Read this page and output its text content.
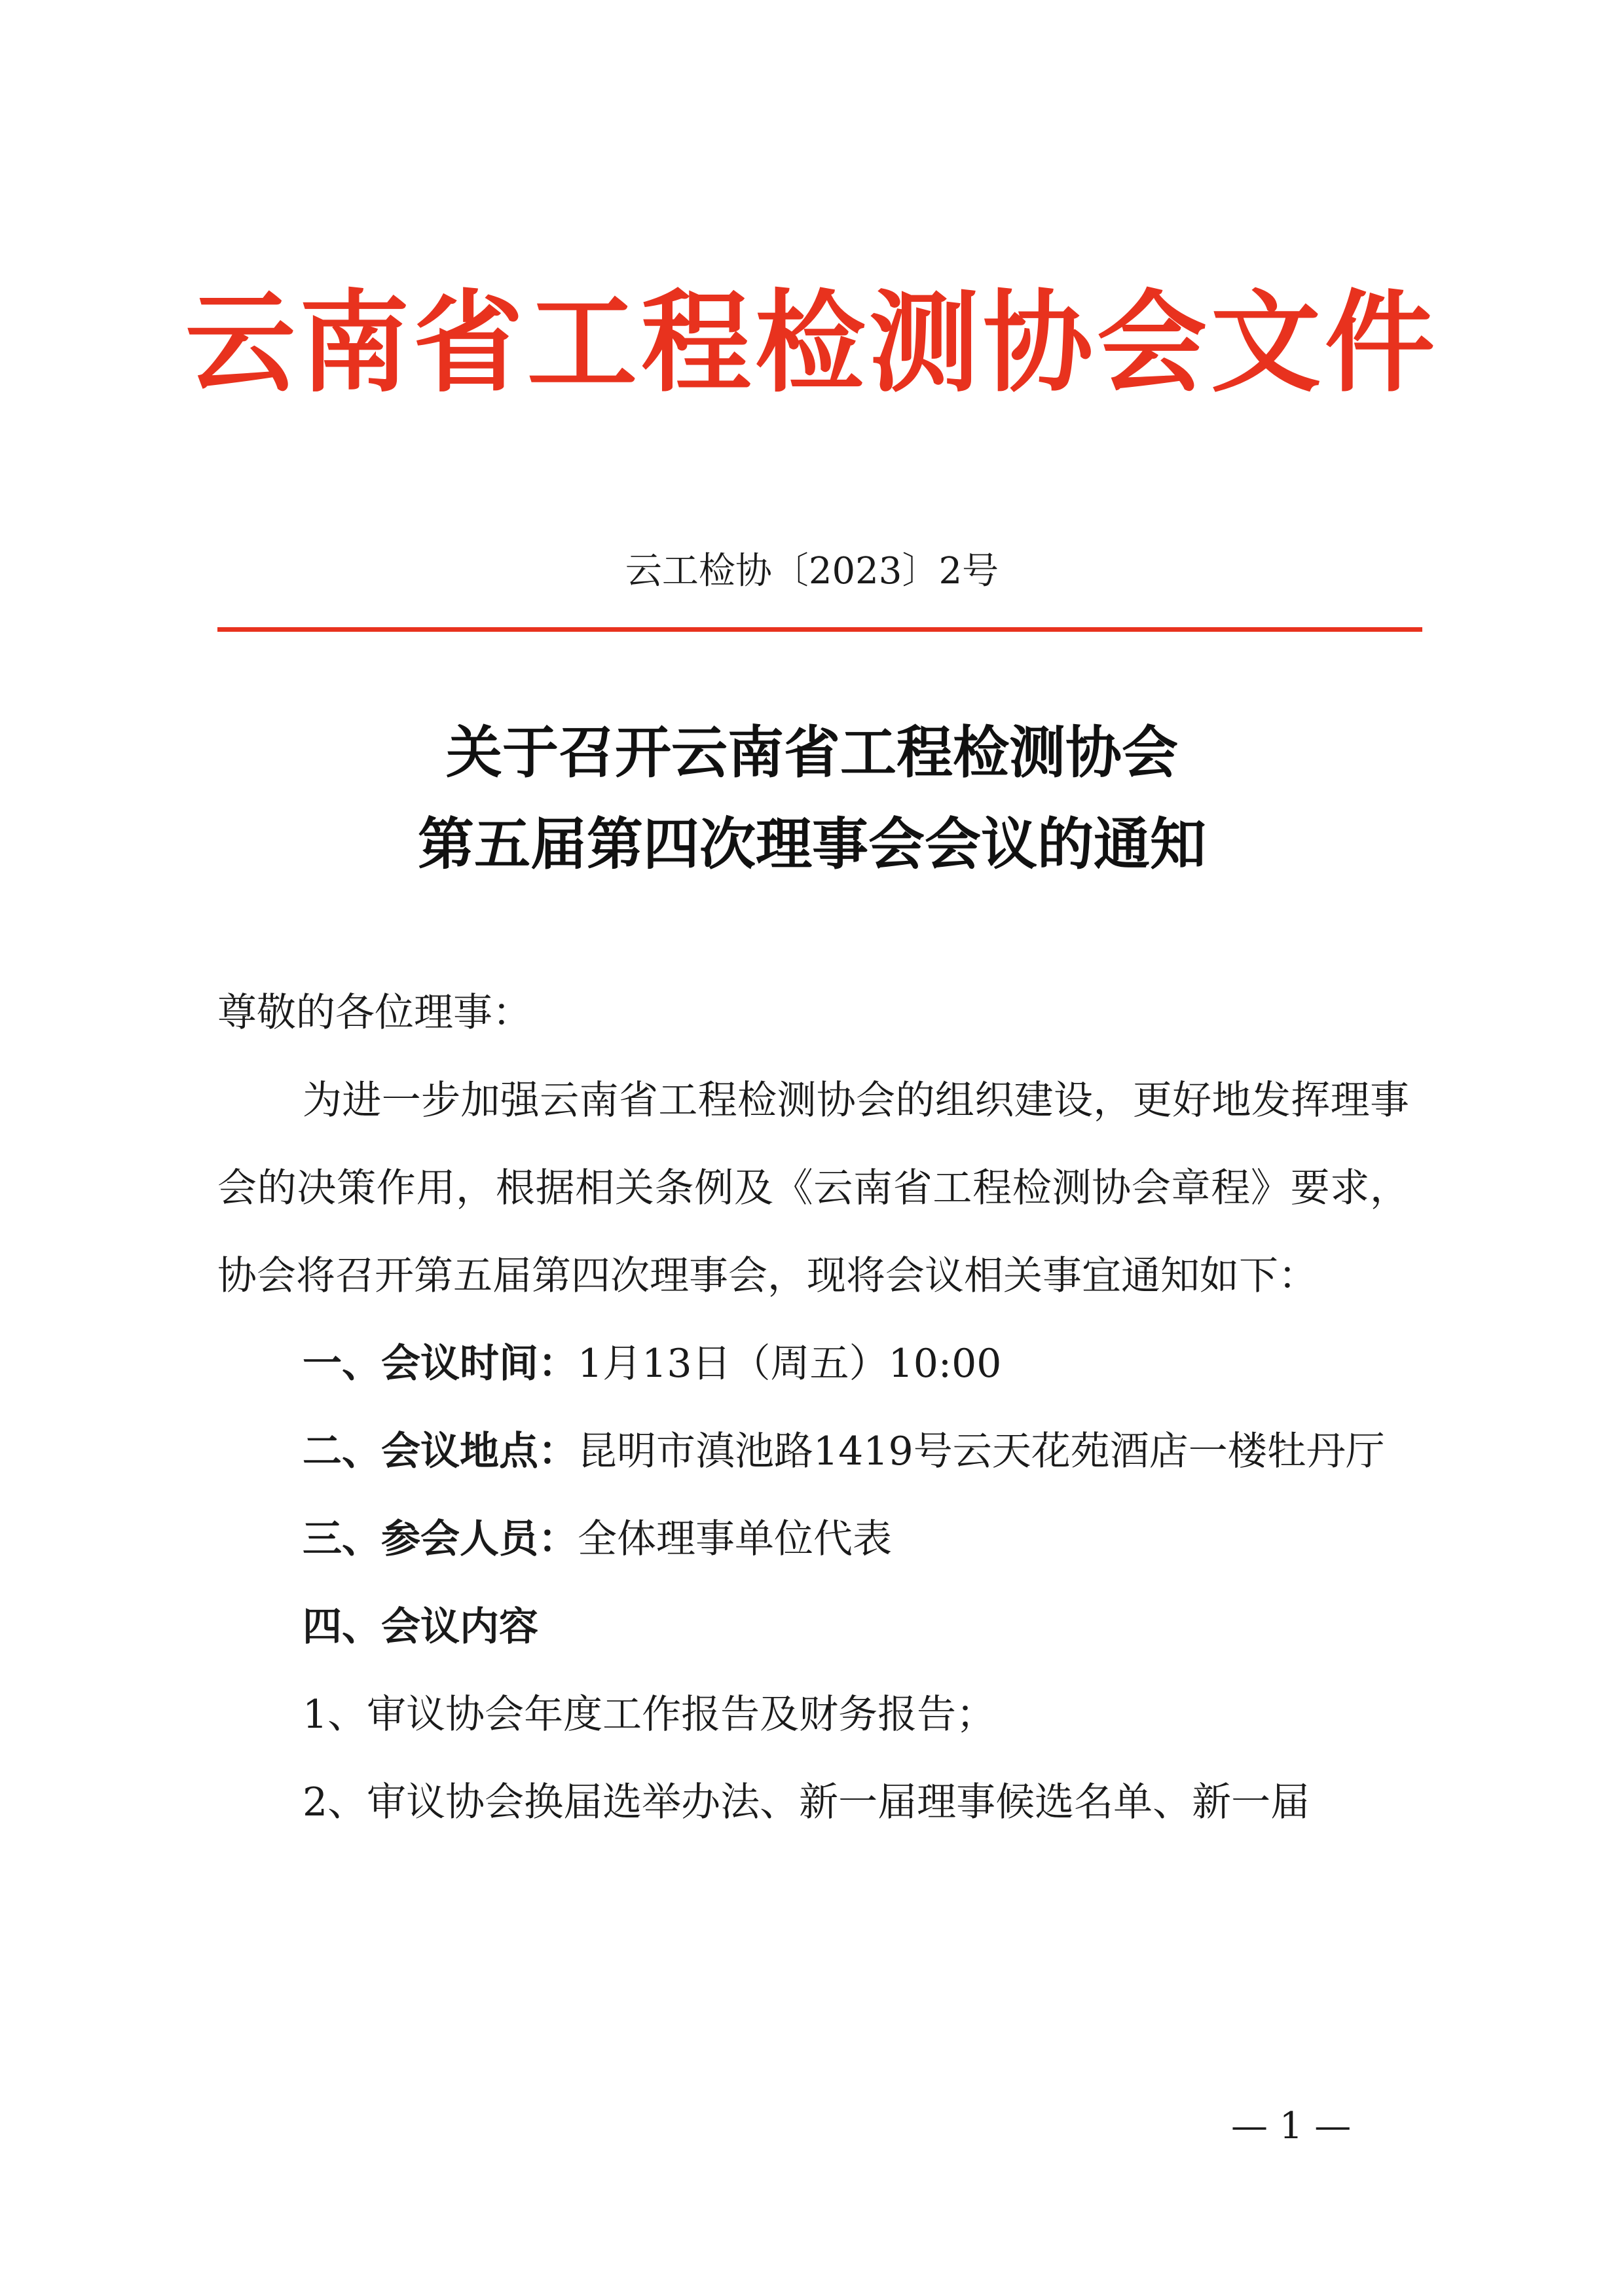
云南省工程检测协会文件
云工检协〔2023〕2号
关于召开云南省工程检测协会
第五届第四次理事会会议的通知

尊敬的各位理事：

为进一步加强云南省工程检测协会的组织建设，更好地发挥理事会的决策作用，根据相关条例及《云南省工程检测协会章程》要求，协会将召开第五届第四次理事会，现将会议相关事宜通知如下：

一、会议时间：1月13日（周五）10:00

二、会议地点：昆明市滇池路1419号云天花苑酒店一楼牡丹厅

三、参会人员：全体理事单位代表

四、会议内容

1、审议协会年度工作报告及财务报告；

2、审议协会换届选举办法、新一届理事候选名单、新一届

— 1 —
